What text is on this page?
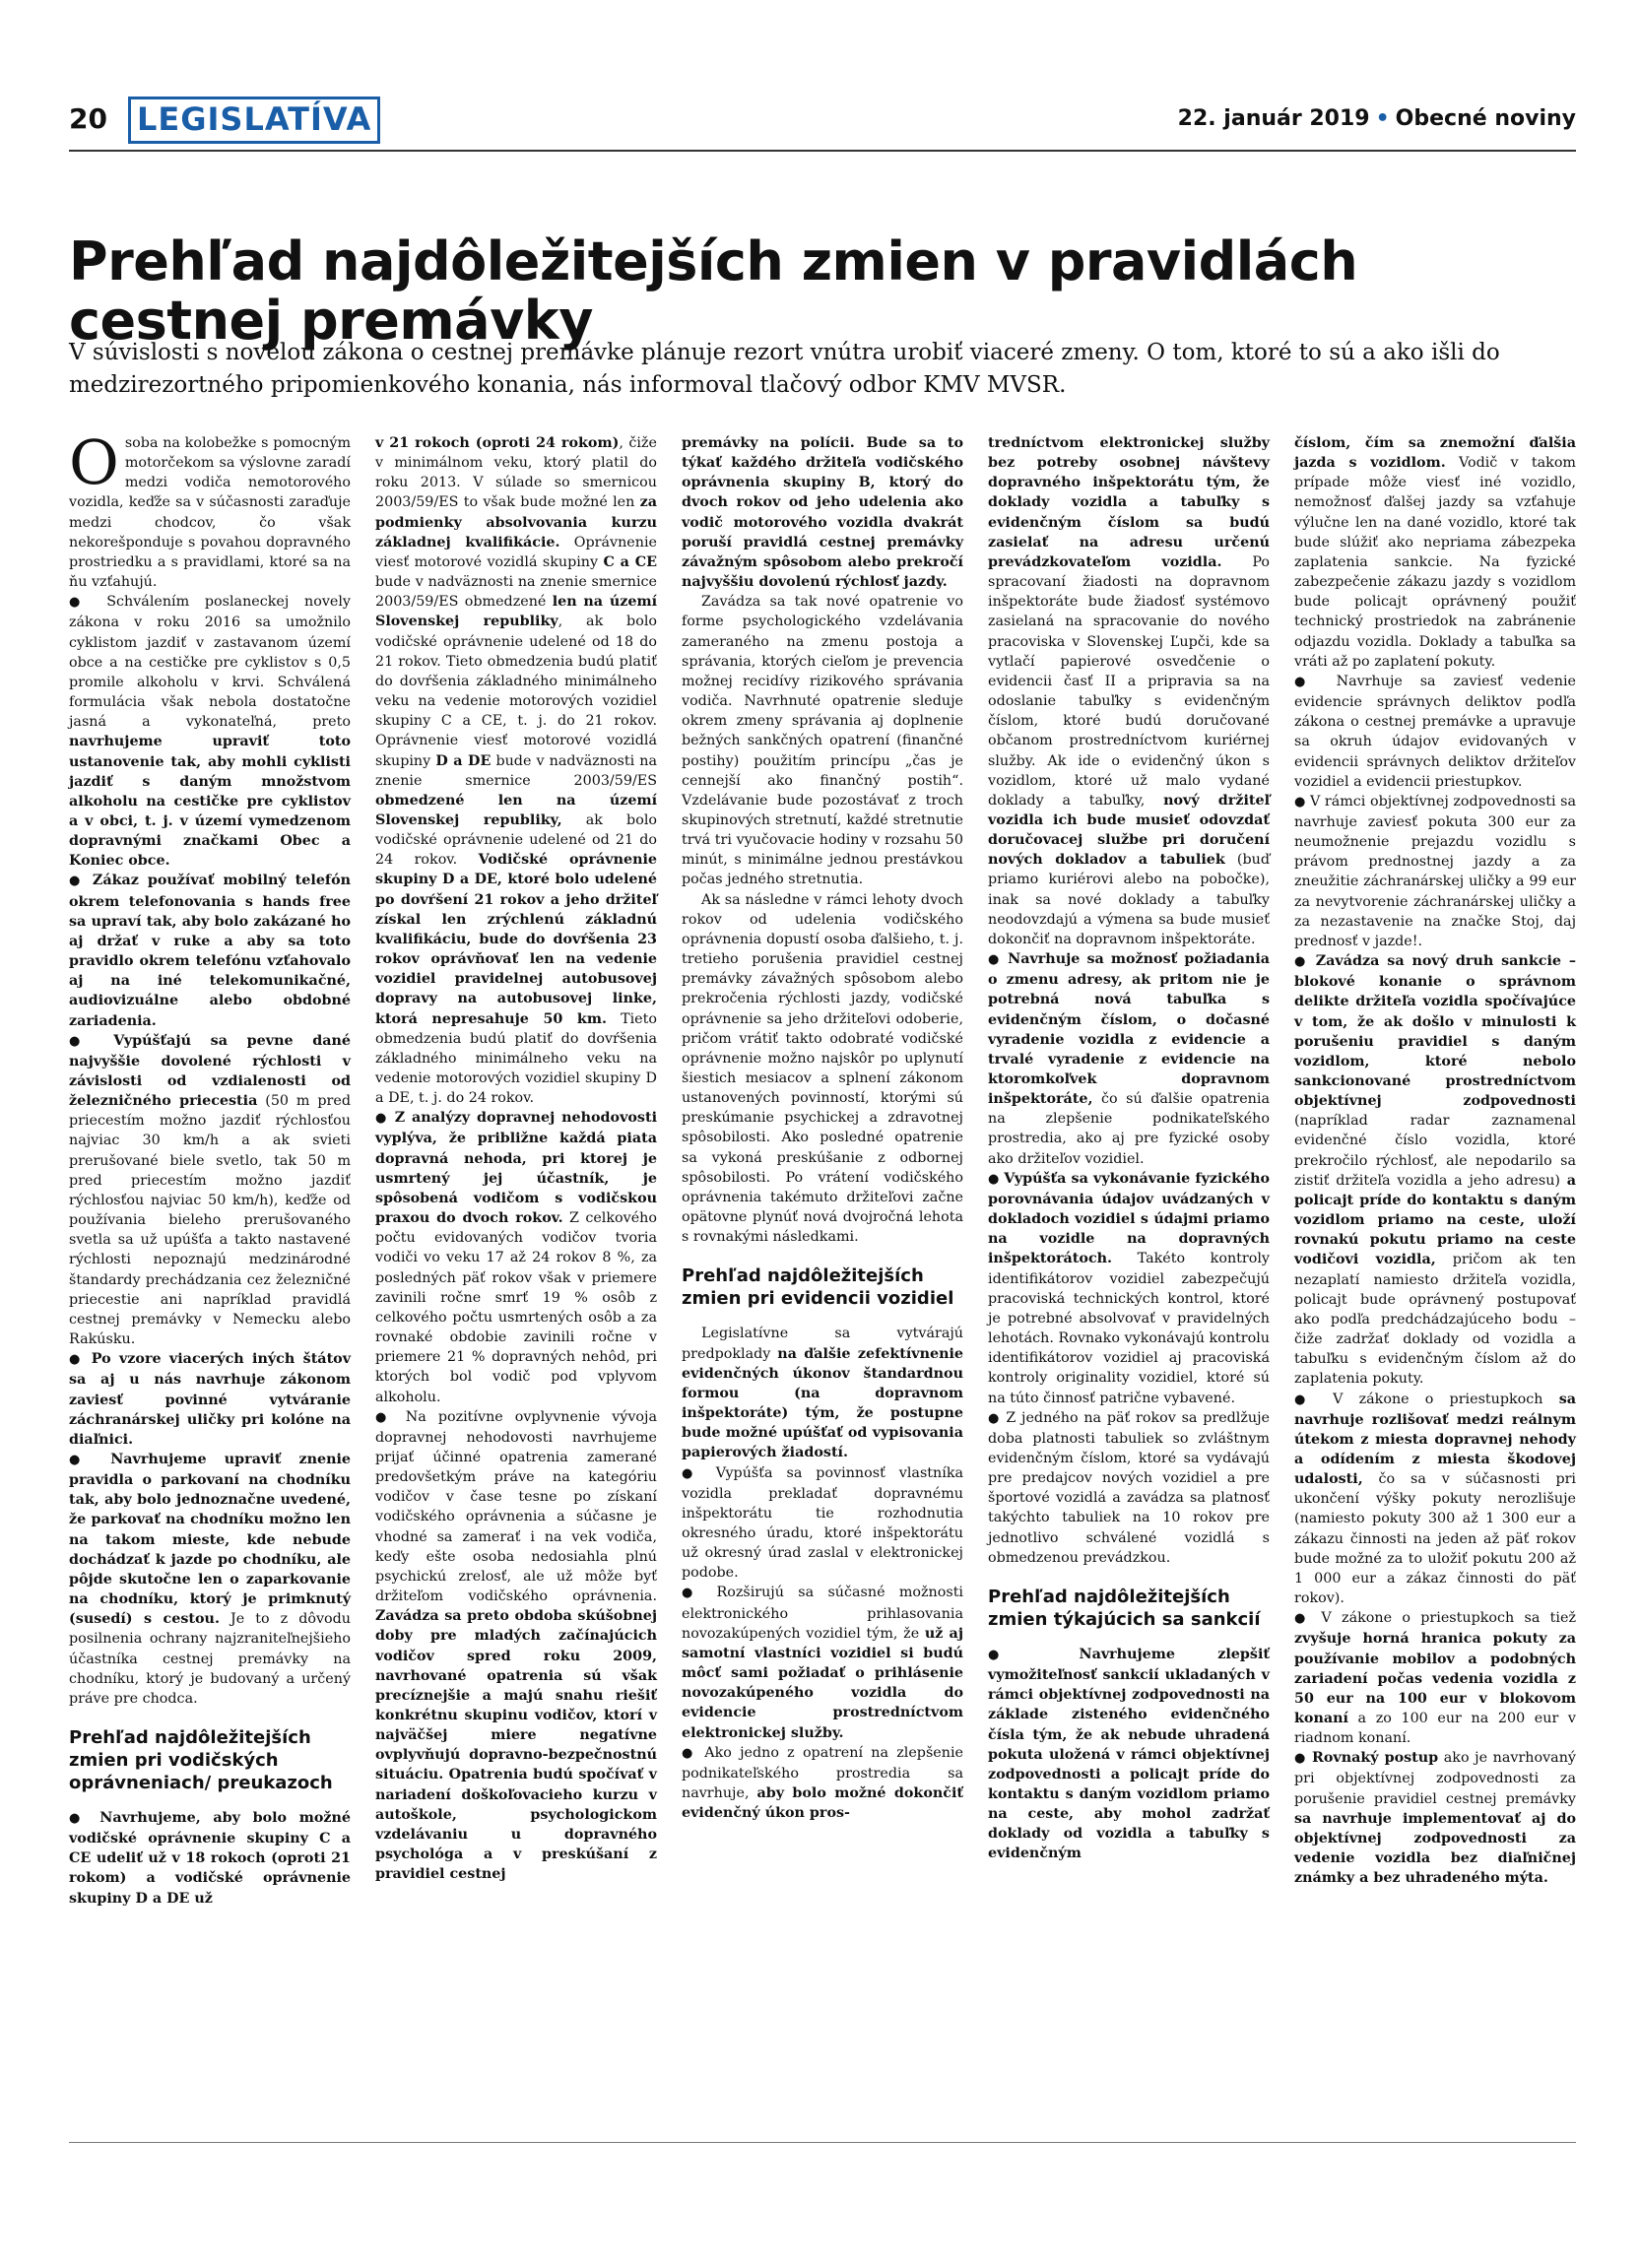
20 LEGISLATÍVA	22. január 2019 • Obecné noviny
Prehľad najdôležitejších zmien v pravidlách cestnej premávky
V súvislosti s novelou zákona o cestnej premávke plánuje rezort vnútra urobiť viaceré zmeny. O tom, ktoré to sú a ako išli do medzirezortného pripomienkového konania, nás informoval tlačový odbor KMV MVSR.

Osoba na kolobežke s pomocným motorčekom sa výslovne zaradí medzi vodiča nemotorového vozidla, keďže sa v súčasnosti zaraďuje medzi chodcov, čo však nekorešponduje s povahou dopravného prostriedku a s pravidlami, ktoré sa na ňu vzťahujú.

● Schválením poslaneckej novely zákona v roku 2016 sa umožnilo cyklistom jazdiť v zastavanom území obce a na cestičke pre cyklistov s 0,5 promile alkoholu v krvi. Schválená formulácia však nebola dostatočne jasná a vykonateľná, preto navrhujeme upraviť toto ustanovenie tak, aby mohli cyklisti jazdiť s daným množstvom alkoholu na cestičke pre cyklistov a v obci, t. j. v území vymedzenom dopravnými značkami Obec a Koniec obce.

● Zákaz používať mobilný telefón okrem telefonovania s hands free sa upraví tak, aby bolo zakázané ho aj držať v ruke a aby sa toto pravidlo okrem telefónu vzťahovalo aj na iné telekomunikačné, audiovizuálne alebo obdobné zariadenia.

● Vypúšťajú sa pevne dané najvyššie dovolené rýchlosti v závislosti od vzdialenosti od železničného priecestia (50 m pred priecestím možno jazdiť rýchlosťou najviac 30 km/h a ak svieti prerušované biele svetlo, tak 50 m pred priecestím možno jazdiť rýchlosťou najviac 50 km/h), keďže od používania bieleho prerušovaného svetla sa už upúšťa a takto nastavené rýchlosti nepoznajú medzinárodné štandardy prechádzania cez železničné priecestie ani napríklad pravidlá cestnej premávky v Nemecku alebo Rakúsku.

● Po vzore viacerých iných štátov sa aj u nás navrhuje zákonom zaviesť povinné vytváranie záchranárskej uličky pri kolóne na diaľnici.

● Navrhujeme upraviť znenie pravidla o parkovaní na chodníku tak, aby bolo jednoznačne uvedené, že parkovať na chodníku možno len na takom mieste, kde nebude dochádzať k jazde po chodníku, ale pôjde skutočne len o zaparkovanie na chodníku, ktorý je primknutý (susedí) s cestou. Je to z dôvodu posilnenia ochrany najzraniteľnejšieho účastníka cestnej premávky na chodníku, ktorý je budovaný a určený práve pre chodca.

Prehľad najdôležitejších zmien pri vodičských oprávneniach/ preukazoch

● Navrhujeme, aby bolo možné vodičské oprávnenie skupiny C a CE udeliť už v 18 rokoch (oproti 21 rokom) a vodičské oprávnenie skupiny D a DE už

v 21 rokoch (oproti 24 rokom), čiže v minimálnom veku, ktorý platil do roku 2013. V súlade so smernicou 2003/59/ES to však bude možné len za podmienky absolvovania kurzu základnej kvalifikácie. Oprávnenie viesť motorové vozidlá skupiny C a CE bude v nadväznosti na znenie smernice 2003/59/ES obmedzené len na území Slovenskej republiky, ak bolo vodičské oprávnenie udelené od 18 do 21 rokov. Tieto obmedzenia budú platiť do dovŕšenia základného minimálneho veku na vedenie motorových vozidiel skupiny C a CE, t. j. do 21 rokov. Oprávnenie viesť motorové vozidlá skupiny D a DE bude v nadväznosti na znenie smernice 2003/59/ES obmedzené len na území Slovenskej republiky, ak bolo vodičské oprávnenie udelené od 21 do 24 rokov. Vodičské oprávnenie skupiny D a DE, ktoré bolo udelené po dovŕšení 21 rokov a jeho držiteľ získal len zrýchlenú základnú kvalifikáciu, bude do dovŕšenia 23 rokov oprávňovať len na vedenie vozidiel pravidelnej autobusovej dopravy na autobusovej linke, ktorá nepresahuje 50 km. Tieto obmedzenia budú platiť do dovŕšenia základného minimálneho veku na vedenie motorových vozidiel skupiny D a DE, t. j. do 24 rokov.

● Z analýzy dopravnej nehodovosti vyplýva, že približne každá piata dopravná nehoda, pri ktorej je usmrtený jej účastník, je spôsobená vodičom s vodičskou praxou do dvoch rokov. Z celkového počtu evidovaných vodičov tvoria vodiči vo veku 17 až 24 rokov 8 %, za posledných päť rokov však v priemere zavinili ročne smrť 19 % osôb z celkového počtu usmrtených osôb a za rovnaké obdobie zavinili ročne v priemere 21 % dopravných nehôd, pri ktorých bol vodič pod vplyvom alkoholu.

● Na pozitívne ovplyvnenie vývoja dopravnej nehodovosti navrhujeme prijať účinné opatrenia zamerané predovšetkým práve na kategóriu vodičov v čase tesne po získaní vodičského oprávnenia a súčasne je vhodné sa zamerať i na vek vodiča, keďy ešte osoba nedosiahla plnú psychickú zrelosť, ale už môže byť držiteľom vodičského oprávnenia. Zavádza sa preto obdoba skúšobnej doby pre mladých začínajúcich vodičov spred roku 2009, navrhované opatrenia sú však precíznejšie a majú snahu riešiť konkrétnu skupinu vodičov, ktorí v najväčšej miere negatívne ovplyvňujú dopravno-bezpečnostnú situáciu. Opatrenia budú spočívať v nariadení doškoľovacieho kurzu v autoškole, psychologickom vzdelávaniu u dopravného psychológa a v preskúšaní z pravidiel cestnej

premávky na polícii. Bude sa to týkať každého držiteľa vodičského oprávnenia skupiny B, ktorý do dvoch rokov od jeho udelenia ako vodič motorového vozidla dvakrát poruší pravidlá cestnej premávky závažným spôsobom alebo prekročí najvyššiu dovolenú rýchlosť jazdy.

Zavádza sa tak nové opatrenie vo forme psychologického vzdelávania zameraného na zmenu postoja a správania, ktorých cieľom je prevencia možnej recidívy rizikového správania vodiča. Navrhnuté opatrenie sleduje okrem zmeny správania aj doplnenie bežných sankčných opatrení (finančné postihy) použitím princípu „čas je cennejší ako finančný postih“. Vzdelávanie bude pozostávať z troch skupinových stretnutí, každé stretnutie trvá tri vyučovacie hodiny v rozsahu 50 minút, s minimálne jednou prestávkou počas jedného stretnutia.

Ak sa následne v rámci lehoty dvoch rokov od udelenia vodičského oprávnenia dopustí osoba ďalšieho, t. j. tretieho porušenia pravidiel cestnej premávky závažných spôsobom alebo prekročenia rýchlosti jazdy, vodičské oprávnenie sa jeho držiteľovi odoberie, pričom vrátiť takto odobraté vodičské oprávnenie možno najskôr po uplynutí šiestich mesiacov a splnení zákonom ustanovených povinností, ktorými sú preskúmanie psychickej a zdravotnej spôsobilosti. Ako posledné opatrenie sa vykoná preskúšanie z odbornej spôsobilosti. Po vrátení vodičského oprávnenia takémuto držiteľovi začne opätovne plynúť nová dvojročná lehota s rovnakými následkami.

Prehľad najdôležitejších zmien pri evidencii vozidiel

Legislatívne sa vytvárajú predpoklady na ďalšie zefektívnenie evidenčných úkonov štandardnou formou (na dopravnom inšpektoráte) tým, že postupne bude možné upúšťať od vypisovania papierových žiadostí.

● Vypúšťa sa povinnosť vlastníka vozidla prekladať dopravnému inšpektorátu tie rozhodnutia okresného úradu, ktoré inšpektorátu už okresný úrad zaslal v elektronickej podobe.

● Rozširujú sa súčasné možnosti elektronického prihlasovania novozakúpených vozidiel tým, že už aj samotní vlastníci vozidiel si budú môcť sami požiadať o prihlásenie novozakúpeného vozidla do evidencie prostredníctvom elektronickej služby.

● Ako jedno z opatrení na zlepšenie podnikateľského prostredia sa navrhuje, aby bolo možné dokončiť evidenčný úkon pros-

tredníctvom elektronickej služby bez potreby osobnej návštevy dopravného inšpektorátu tým, že doklady vozidla a tabuľky s evidenčným číslom sa budú zasielať na adresu určenú prevádzkovateľom vozidla. Po spracovaní žiadosti na dopravnom inšpektoráte bude žiadosť systémovo zasielaná na spracovanie do nového pracoviska v Slovenskej Ľupči, kde sa vytlačí papierové osvedčenie o evidencii časť II a pripravia sa na odoslanie tabuľky s evidenčným číslom, ktoré budú doručované občanom prostredníctvom kuriérnej služby. Ak ide o evidenčný úkon s vozidlom, ktoré už malo vydané doklady a tabuľky, nový držiteľ vozidla ich bude musieť odovzdať doručovacej službe pri doručení nových dokladov a tabuliek (buď priamo kuriérovi alebo na pobočke), inak sa nové doklady a tabuľky neodovzdajú a výmena sa bude musieť dokončiť na dopravnom inšpektoráte.

● Navrhuje sa možnosť požiadania o zmenu adresy, ak pritom nie je potrebná nová tabuľka s evidenčným číslom, o dočasné vyradenie vozidla z evidencie a trvalé vyradenie z evidencie na ktoromkoľvek dopravnom inšpektoráte, čo sú ďalšie opatrenia na zlepšenie podnikateľského prostredia, ako aj pre fyzické osoby ako držiteľov vozidiel.

● Vypúšťa sa vykonávanie fyzického porovnávania údajov uvádzaných v dokladoch vozidiel s údajmi priamo na vozidle na dopravných inšpektorátoch. Takéto kontroly identifikátorov vozidiel zabezpečujú pracoviská technických kontrol, ktoré je potrebné absolvovať v pravidelných lehotách. Rovnako vykonávajú kontrolu identifikátorov vozidiel aj pracoviská kontroly originality vozidiel, ktoré sú na túto činnosť patrične vybavené.

● Z jedného na päť rokov sa predlžuje doba platnosti tabuliek so zvláštnym evidenčným číslom, ktoré sa vydávajú pre predajcov nových vozidiel a pre športové vozidlá a zavádza sa platnosť takýchto tabuliek na 10 rokov pre jednotlivo schválené vozidlá s obmedzenou prevádzkou.

Prehľad najdôležitejších zmien týkajúcich sa sankcií

●	Navrhujeme zlepšiť vymožiteľnosť sankcií ukladaných v rámci objektívnej zodpovednosti na základe zisteného evidenčného čísla tým, že ak nebude uhradená pokuta uložená v rámci objektívnej zodpovednosti a policajt príde do kontaktu s daným vozidlom priamo na ceste, aby mohol zadržať doklady od vozidla a tabuľky s evidenčným

číslom, čím sa znemožní ďalšia jazda s vozidlom. Vodič v takom prípade môže viesť iné vozidlo, nemožnosť ďalšej jazdy sa vzťahuje výlučne len na dané vozidlo, ktoré tak bude slúžiť ako nepriama zábezpeka zaplatenia sankcie. Na fyzické zabezpečenie zákazu jazdy s vozidlom bude policajt oprávnený použiť technický prostriedok na zabránenie odjazdu vozidla. Doklady a tabuľka sa vráti až po zaplatení pokuty.

● Navrhuje sa zaviesť vedenie evidencie správnych deliktov podľa zákona o cestnej premávke a upravuje sa okruh údajov evidovaných v evidencii správnych deliktov držiteľov vozidiel a evidencii priestupkov.

● V rámci objektívnej zodpovednosti sa navrhuje zaviesť pokuta 300 eur za neumožnenie prejazdu vozidlu s právom prednostnej jazdy a za zneužitie záchranárskej uličky a 99 eur za nevytvorenie záchranárskej uličky a za nezastavenie na značke Stoj, daj prednosť v jazde!.

● Zavádza sa nový druh sankcie – blokové konanie o správnom delikte držiteľa vozidla spočívajúce v tom, že ak došlo v minulosti k porušeniu pravidiel s daným vozidlom, ktoré nebolo sankcionované prostredníctvom objektívnej zodpovednosti (napríklad radar zaznamenal evidenčné číslo vozidla, ktoré prekročilo rýchlosť, ale nepodarilo sa zistiť držiteľa vozidla a jeho adresu) a policajt príde do kontaktu s daným vozidlom priamo na ceste, uloží rovnakú pokutu priamo na ceste vodičovi vozidla, pričom ak ten nezaplatí namiesto držiteľa vozidla, policajt bude oprávnený postupovať ako podľa predchádzajúceho bodu – čiže zadržať doklady od vozidla a tabuľku s evidenčným číslom až do zaplatenia pokuty.

● V zákone o priestupkoch sa navrhuje rozlišovať medzi reálnym útekom z miesta dopravnej nehody a odídením z miesta škodovej udalosti, čo sa v súčasnosti pri ukončení výšky pokuty nerozlišuje (namiesto pokuty 300 až 1 300 eur a zákazu činnosti na jeden až päť rokov bude možné za to uložiť pokutu 200 až 1 000 eur a zákaz činnosti do päť rokov).

● V zákone o priestupkoch sa tiež zvyšuje horná hranica pokuty za používanie mobilov a podobných zariadení počas vedenia vozidla z 50 eur na 100 eur v blokovom konaní a zo 100 eur na 200 eur v riadnom konaní.

● Rovnaký postup ako je navrhovaný pri objektívnej zodpovednosti za porušenie pravidiel cestnej premávky sa navrhuje implementovať aj do objektívnej zodpovednosti za vedenie vozidla bez diaľničnej známky a bez uhradeného mýta.
